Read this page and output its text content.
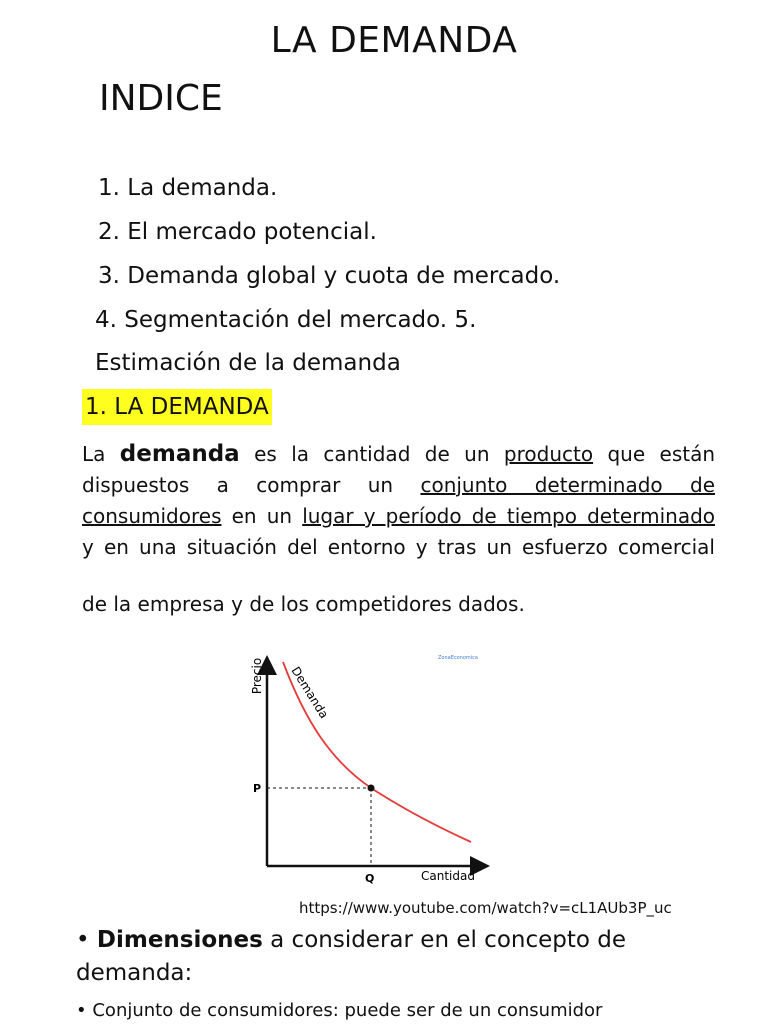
LA DEMANDA
INDICE
1. La demanda.
2. El mercado potencial.
3. Demanda global y cuota de mercado.
4. Segmentación del mercado. 5.
Estimación de la demanda
1. LA DEMANDA
La demanda es la cantidad de un producto que están
dispuestos a comprar un conjunto determinado de
consumidores en un lugar y período de tiempo determinado
y en una situación del entorno y tras un esfuerzo comercial
de la empresa y de los competidores dados.
Precio
Cantidad
Demanda
P
Q
ZonaEconomica
https://www.youtube.com/watch?v=cL1AUb3P_uc
• Dimensiones a considerar en el concepto de
demanda:
• Conjunto de consumidores: puede ser de un consumidor
